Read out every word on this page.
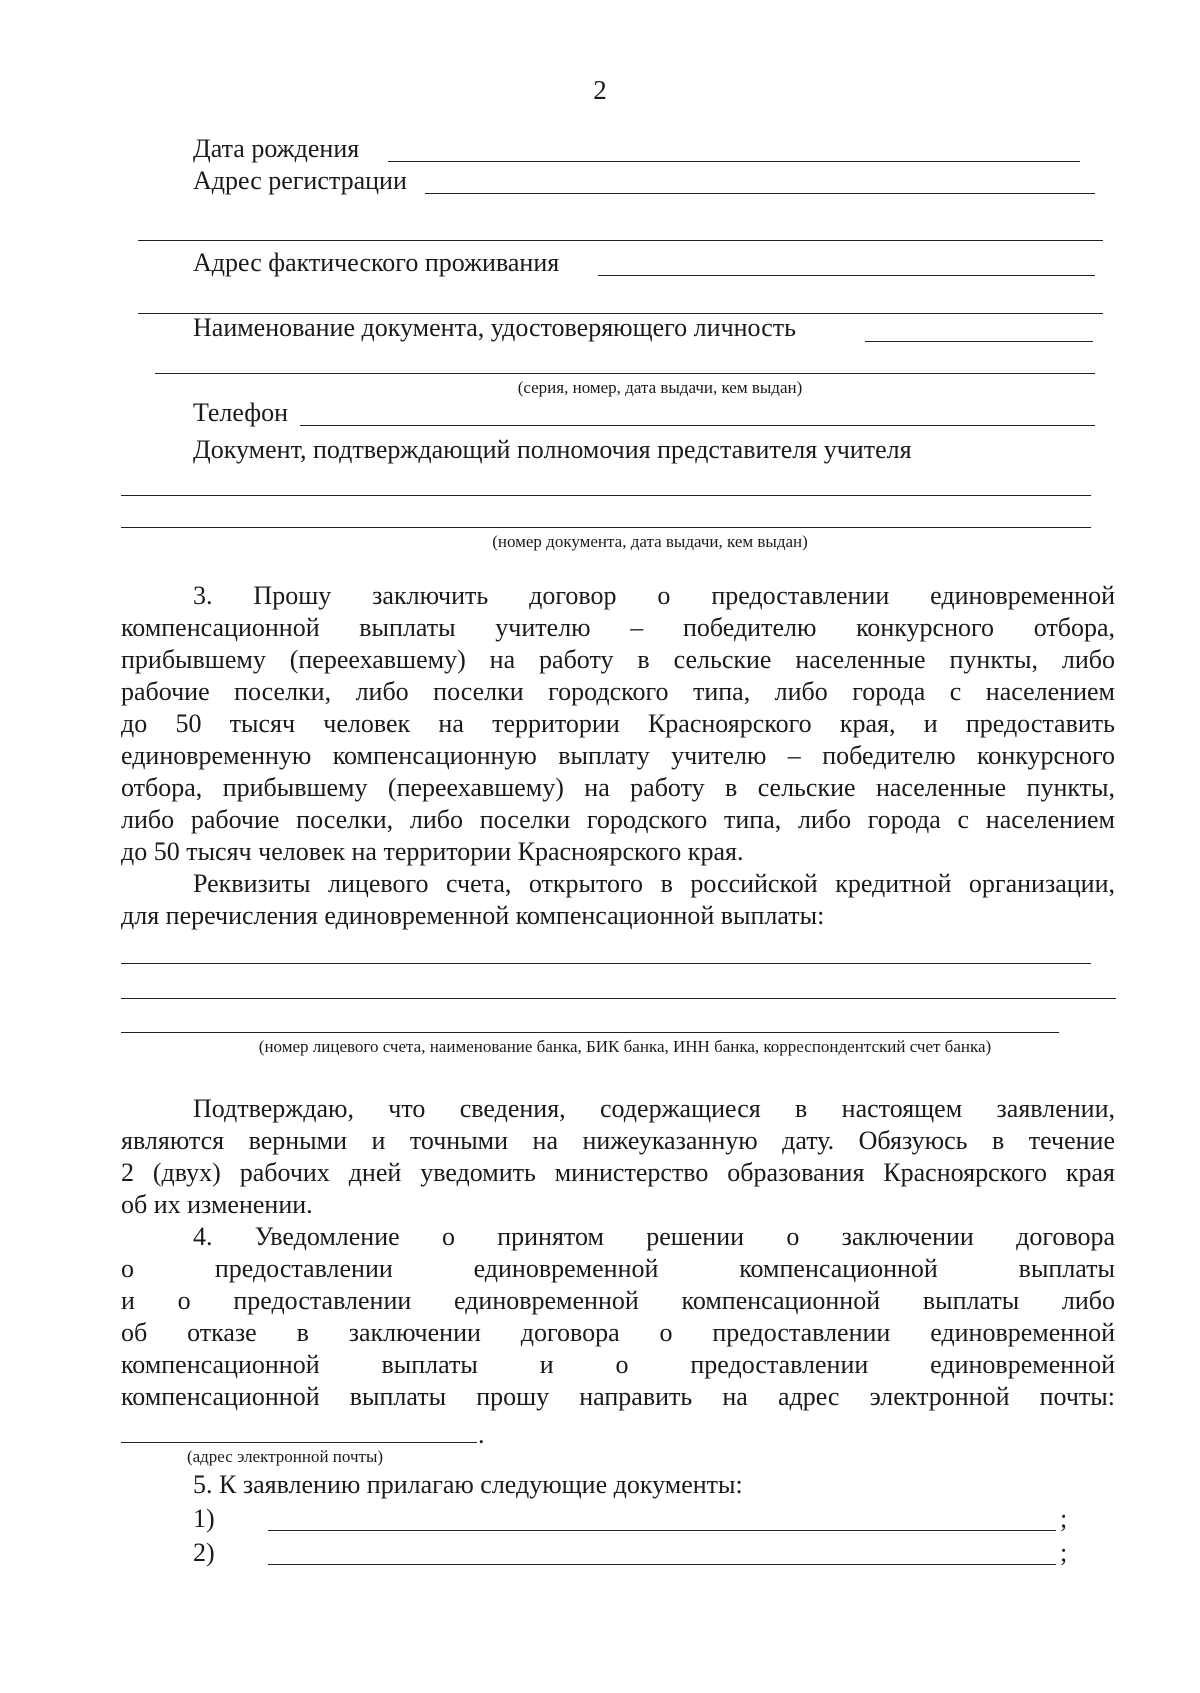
2
Дата рождения
Адрес регистрации
Адрес фактического проживания
Наименование документа, удостоверяющего личность
(серия, номер, дата выдачи, кем выдан)
Телефон
Документ, подтверждающий полномочия представителя учителя
(номер документа, дата выдачи, кем выдан)
3. Прошу заключить договор о предоставлении единовременной
компенсационной выплаты учителю – победителю конкурсного отбора,
прибывшему (переехавшему) на работу в сельские населенные пункты, либо
рабочие поселки, либо поселки городского типа, либо города с населением
до 50 тысяч человек на территории Красноярского края, и предоставить
единовременную компенсационную выплату учителю – победителю конкурсного
отбора, прибывшему (переехавшему) на работу в сельские населенные пункты,
либо рабочие поселки, либо поселки городского типа, либо города с населением
до 50 тысяч человек на территории Красноярского края.
Реквизиты лицевого счета, открытого в российской кредитной организации,
для перечисления единовременной компенсационной выплаты:
(номер лицевого счета, наименование банка, БИК банка, ИНН банка, корреспондентский счет банка)
Подтверждаю, что сведения, содержащиеся в настоящем заявлении,
являются верными и точными на нижеуказанную дату. Обязуюсь в течение
2 (двух) рабочих дней уведомить министерство образования Красноярского края
об их изменении.
4. Уведомление о принятом решении о заключении договора
о предоставлении единовременной компенсационной выплаты
и о предоставлении единовременной компенсационной выплаты либо
об отказе в заключении договора о предоставлении единовременной
компенсационной выплаты и о предоставлении единовременной
компенсационной выплаты прошу направить на адрес электронной почты:
.
(адрес электронной почты)
5. К заявлению прилагаю следующие документы:
1)	;
2)	;
